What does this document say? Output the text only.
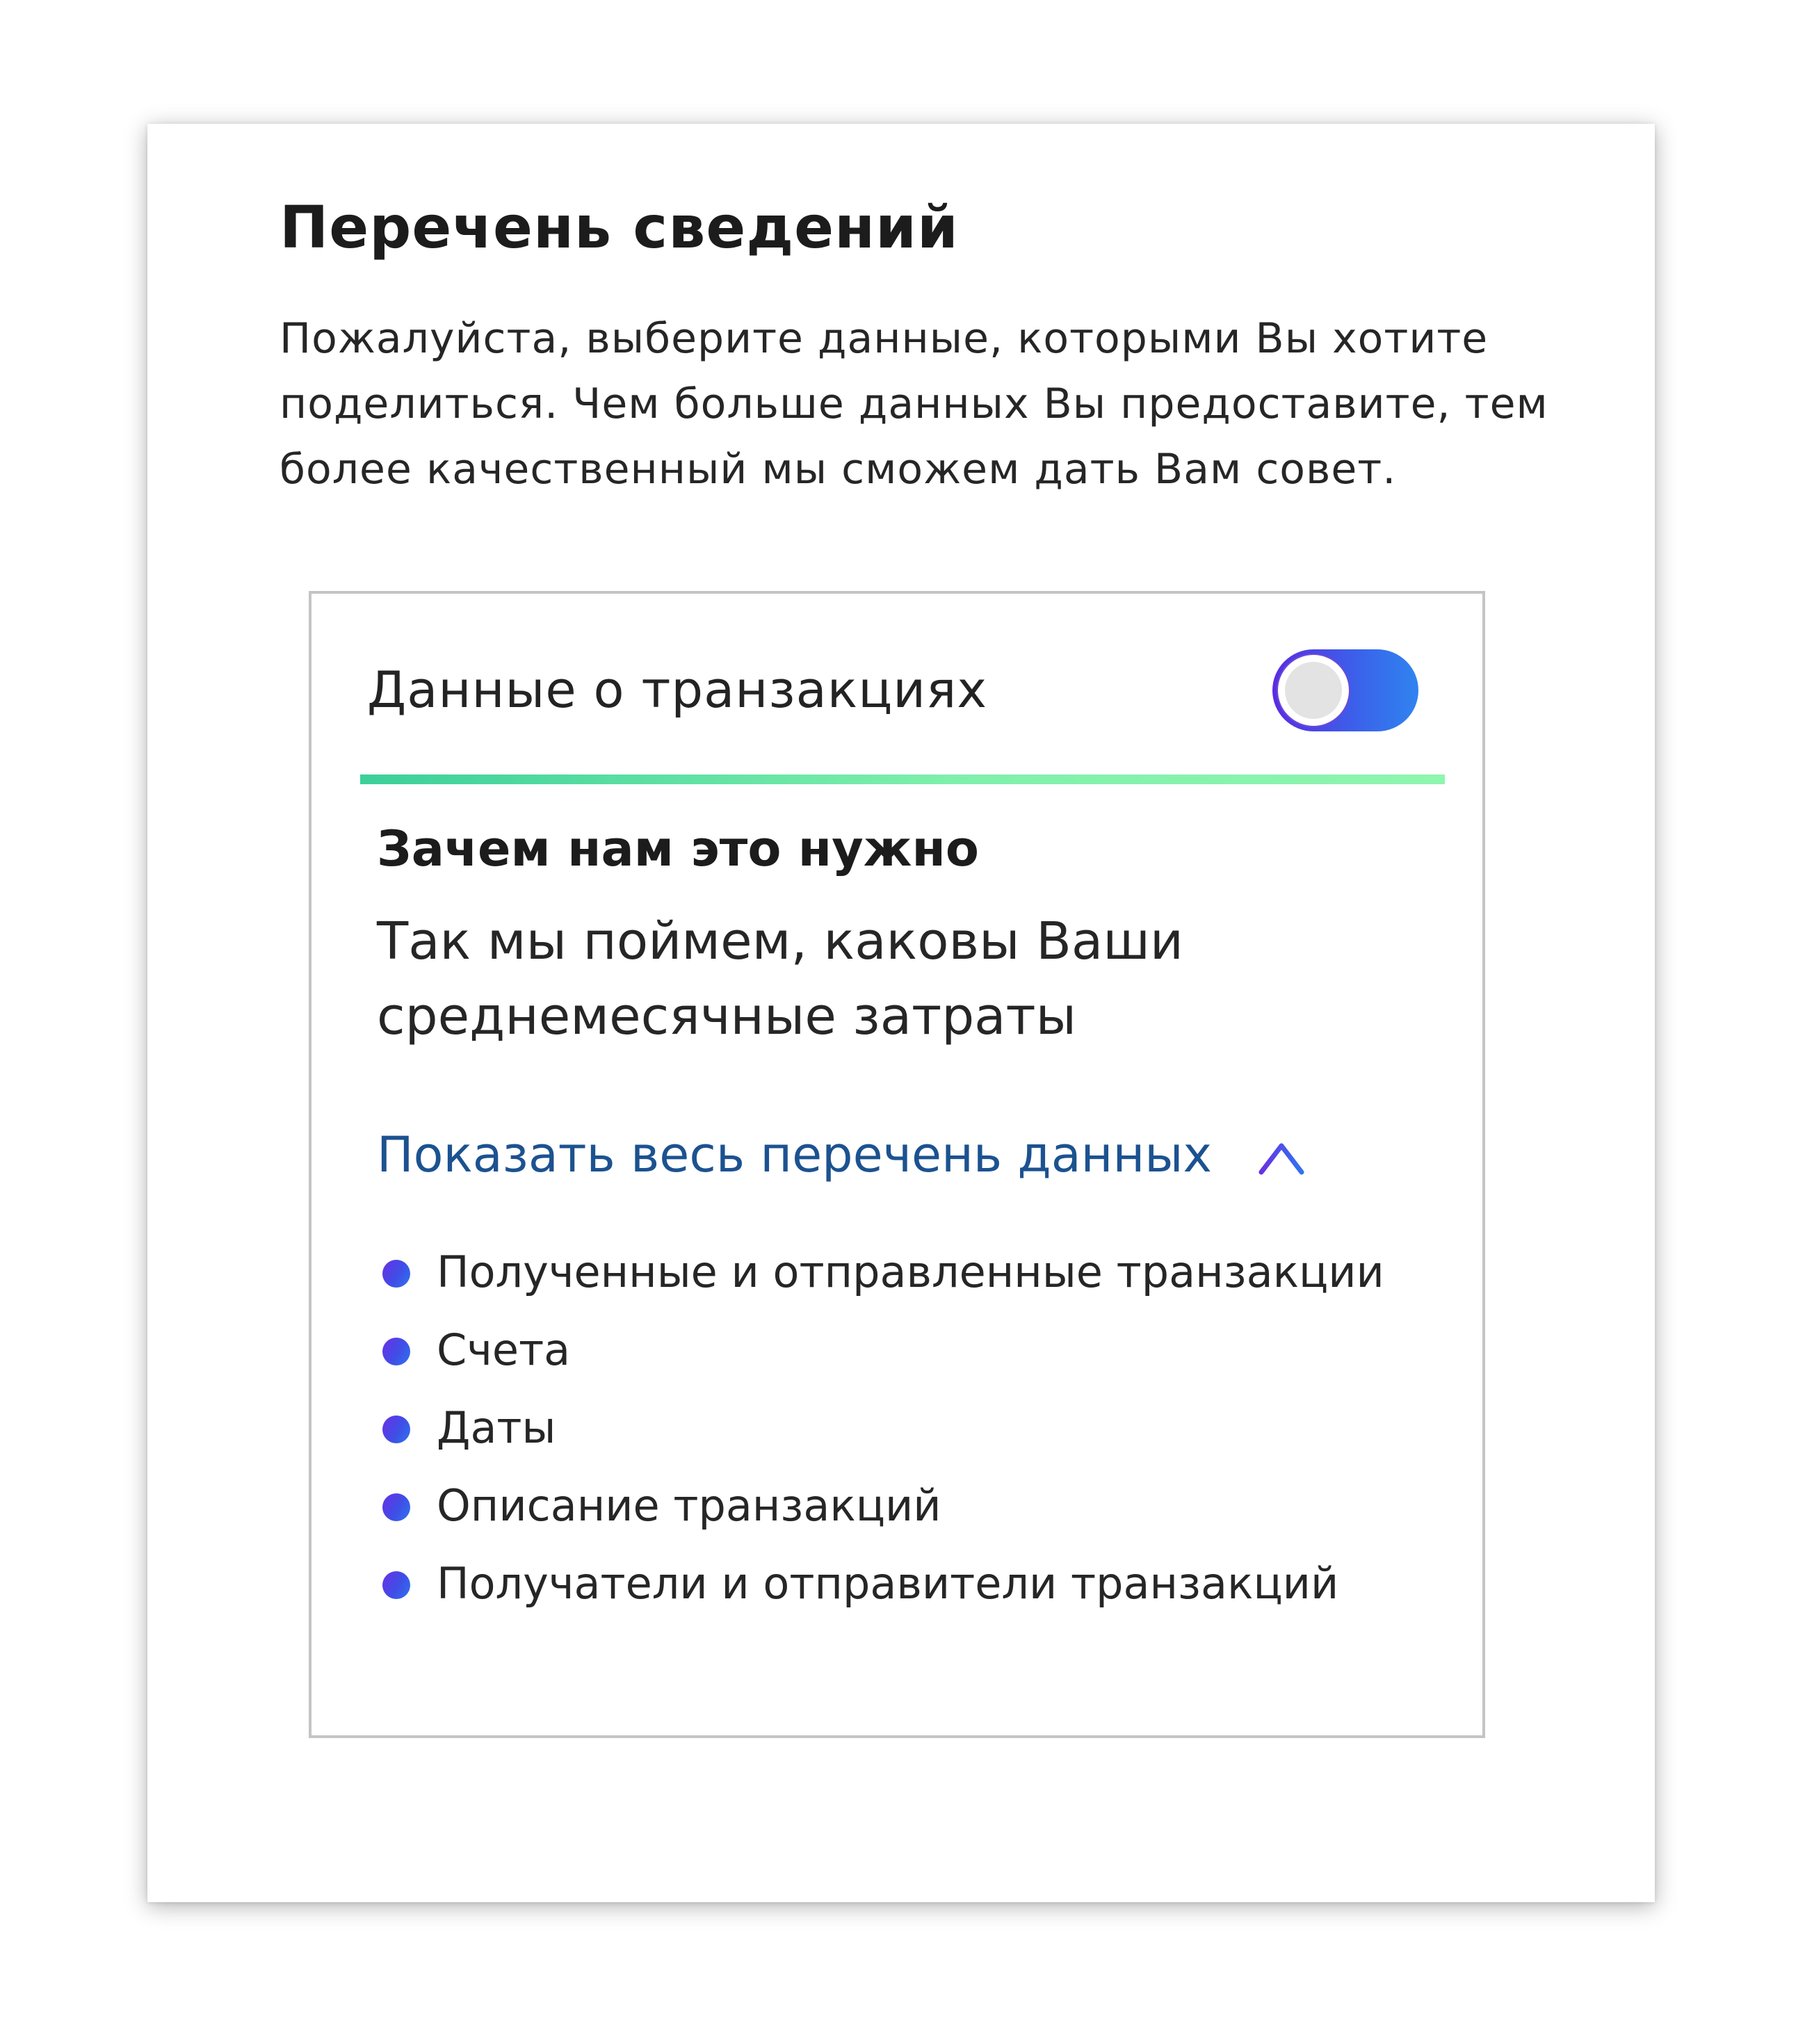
Перечень сведений

Пожалуйста, выберите данные, которыми Вы хотите поделиться. Чем больше данных Вы предоставите, тем более качественный мы сможем дать Вам совет.

Данные о транзакциях
Зачем нам это нужно

Так мы поймем, каковы Ваши среднемесячные затраты

Показать весь перечень данных
Полученные и отправленные транзакции
Счета
Даты
Описание транзакций
Получатели и отправители транзакций
